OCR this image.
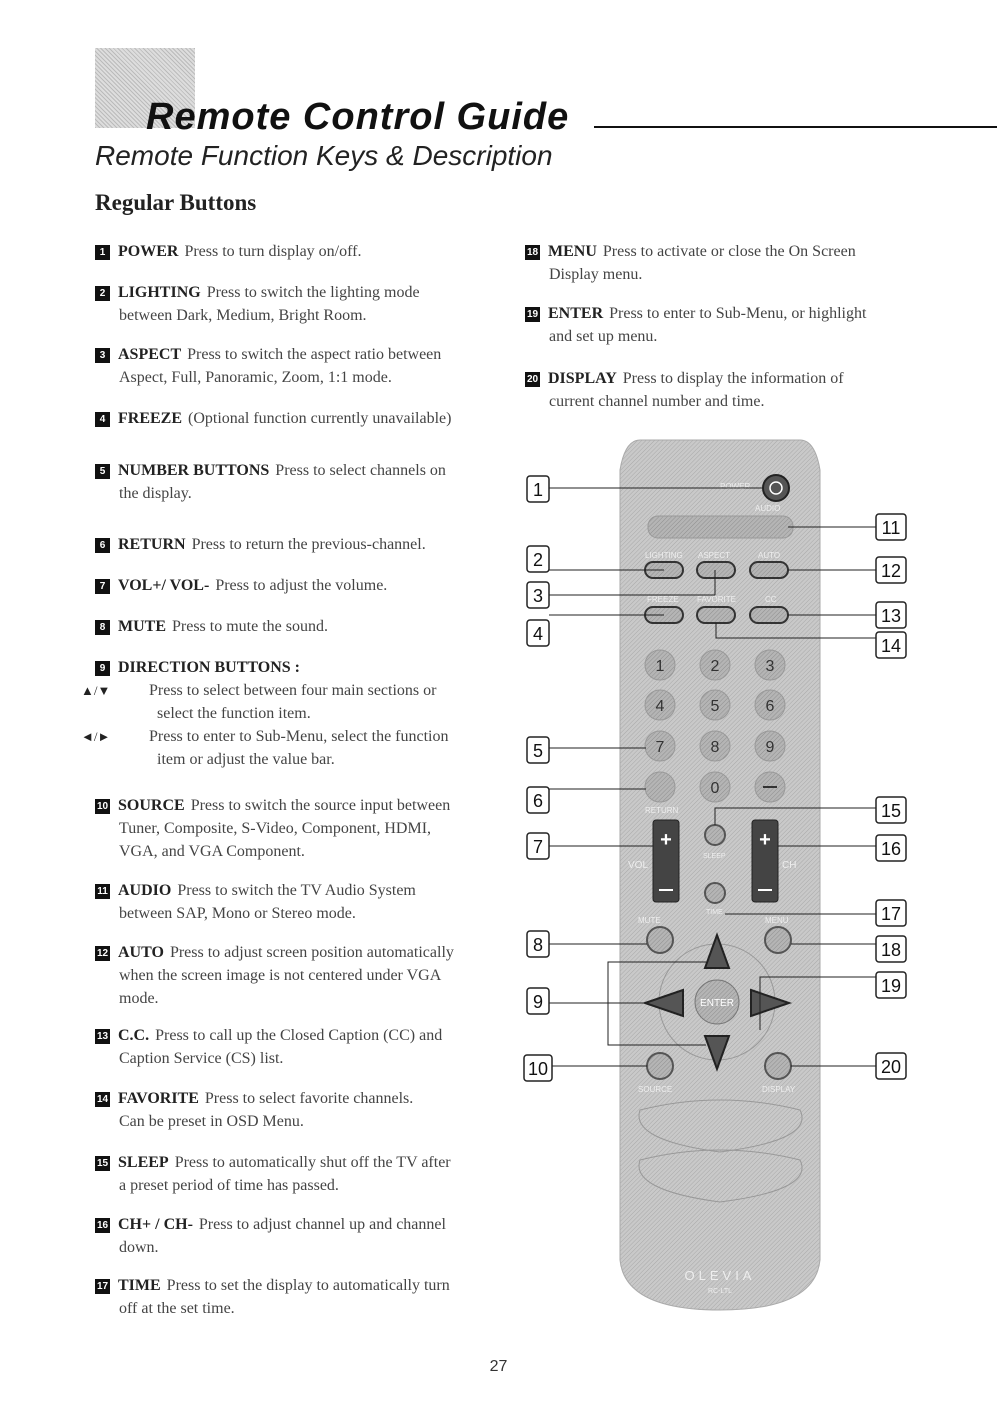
Remote Control Guide
Remote Function Keys & Description
Regular Buttons
1 POWER Press to turn display on/off.
2 LIGHTING Press to switch the lighting mode
between Dark, Medium, Bright Room.
3 ASPECT Press to switch the aspect ratio between
Aspect, Full, Panoramic, Zoom, 1:1 mode.
4 FREEZE (Optional function currently unavailable)
5 NUMBER BUTTONS Press to select channels on
the display.
6 RETURN Press to return the previous-channel.
7 VOL+/ VOL- Press to adjust the volume.
8 MUTE Press to mute the sound.
9 DIRECTION BUTTONS :
▲/▼ Press to select between four main sections or
select the function item.
◄/► Press to enter to Sub-Menu, select the function
item or adjust the value bar.
10 SOURCE Press to switch the source input between
Tuner, Composite, S-Video, Component, HDMI,
VGA, and VGA Component.
11 AUDIO Press to switch the TV Audio System
between SAP, Mono or Stereo mode.
12 AUTO Press to adjust screen position automatically
when the screen image is not centered under VGA
mode.
13 C.C. Press to call up the Closed Caption (CC) and
Caption Service (CS) list.
14 FAVORITE Press to select favorite channels.
Can be preset in OSD Menu.
15 SLEEP Press to automatically shut off the TV after
a preset period of time has passed.
16 CH+ / CH- Press to adjust channel up and channel
down.
17 TIME Press to set the display to automatically turn
off at the set time.
18 MENU Press to activate or close the On Screen
Display menu.
19 ENTER Press to enter to Sub-Menu, or highlight
and set up menu.
20 DISPLAY Press to display the information of
current channel number and time.
POWER
AUDIO
LIGHTING ASPECT	AUTO
FREEZE FAVORITE	CC
1	2	3
4	5	6
7	8	9
0
RETURN
+
VOL
+
CH
SLEEP
TIME
MUTE	MENU
ENTER
SOURCE	DISPLAY
OLEVIA
RC-LTL
1
2
3
4
5
6
7
8
9
10
11
12
13
14
15
16
17
18
19
20
27
